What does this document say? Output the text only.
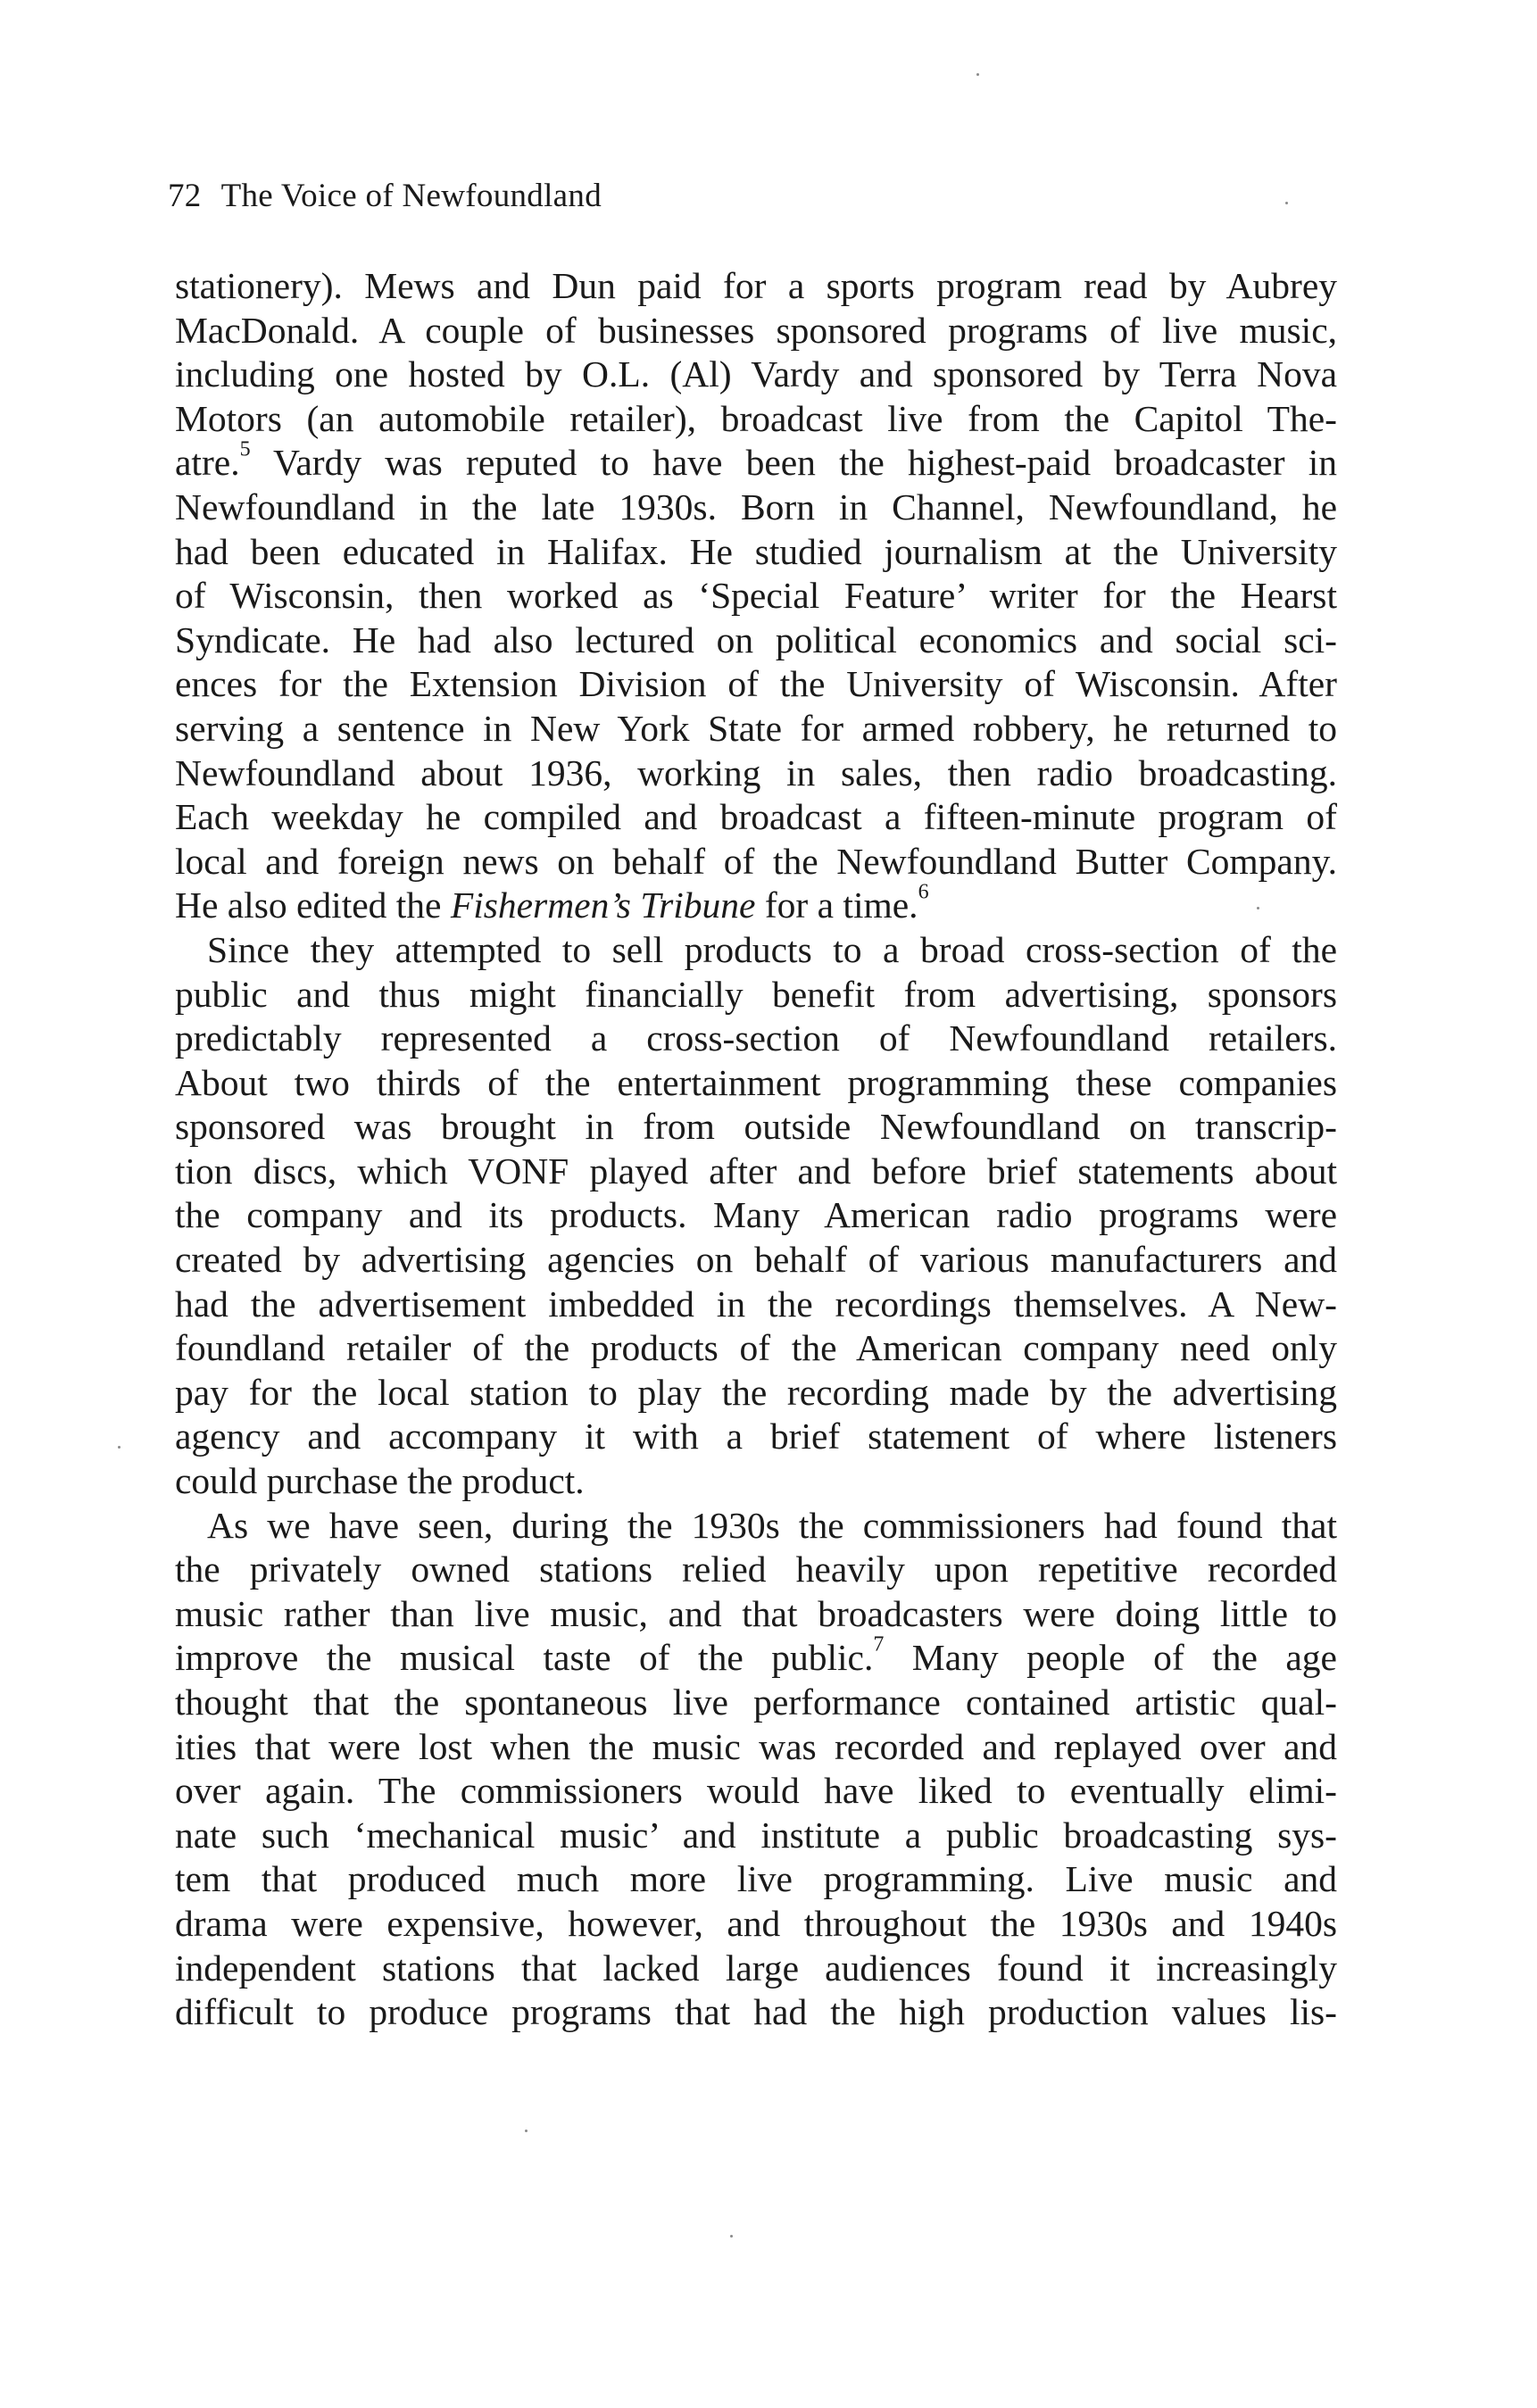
72 The Voice of Newfoundland
stationery). Mews and Dun paid for a sports program read by Aubrey
MacDonald. A couple of businesses sponsored programs of live music,
including one hosted by O.L. (Al) Vardy and sponsored by Terra Nova
Motors (an automobile retailer), broadcast live from the Capitol The-
atre.$^5$ Vardy was reputed to have been the highest-paid broadcaster in
Newfoundland in the late 1930s. Born in Channel, Newfoundland, he
had been educated in Halifax. He studied journalism at the University
of Wisconsin, then worked as ‘Special Feature’ writer for the Hearst
Syndicate. He had also lectured on political economics and social sci-
ences for the Extension Division of the University of Wisconsin. After
serving a sentence in New York State for armed robbery, he returned to
Newfoundland about 1936, working in sales, then radio broadcasting.
Each weekday he compiled and broadcast a fifteen-minute program of
local and foreign news on behalf of the Newfoundland Butter Company.
He also edited the Fishermen’s Tribune for a time.$^6$
Since they attempted to sell products to a broad cross-section of the
public and thus might financially benefit from advertising, sponsors
predictably represented a cross-section of Newfoundland retailers.
About two thirds of the entertainment programming these companies
sponsored was brought in from outside Newfoundland on transcrip-
tion discs, which VONF played after and before brief statements about
the company and its products. Many American radio programs were
created by advertising agencies on behalf of various manufacturers and
had the advertisement imbedded in the recordings themselves. A New-
foundland retailer of the products of the American company need only
pay for the local station to play the recording made by the advertising
agency and accompany it with a brief statement of where listeners
could purchase the product.
As we have seen, during the 1930s the commissioners had found that
the privately owned stations relied heavily upon repetitive recorded
music rather than live music, and that broadcasters were doing little to
improve the musical taste of the public.$^7$ Many people of the age
thought that the spontaneous live performance contained artistic qual-
ities that were lost when the music was recorded and replayed over and
over again. The commissioners would have liked to eventually elimi-
nate such ‘mechanical music’ and institute a public broadcasting sys-
tem that produced much more live programming. Live music and
drama were expensive, however, and throughout the 1930s and 1940s
independent stations that lacked large audiences found it increasingly
difficult to produce programs that had the high production values lis-
